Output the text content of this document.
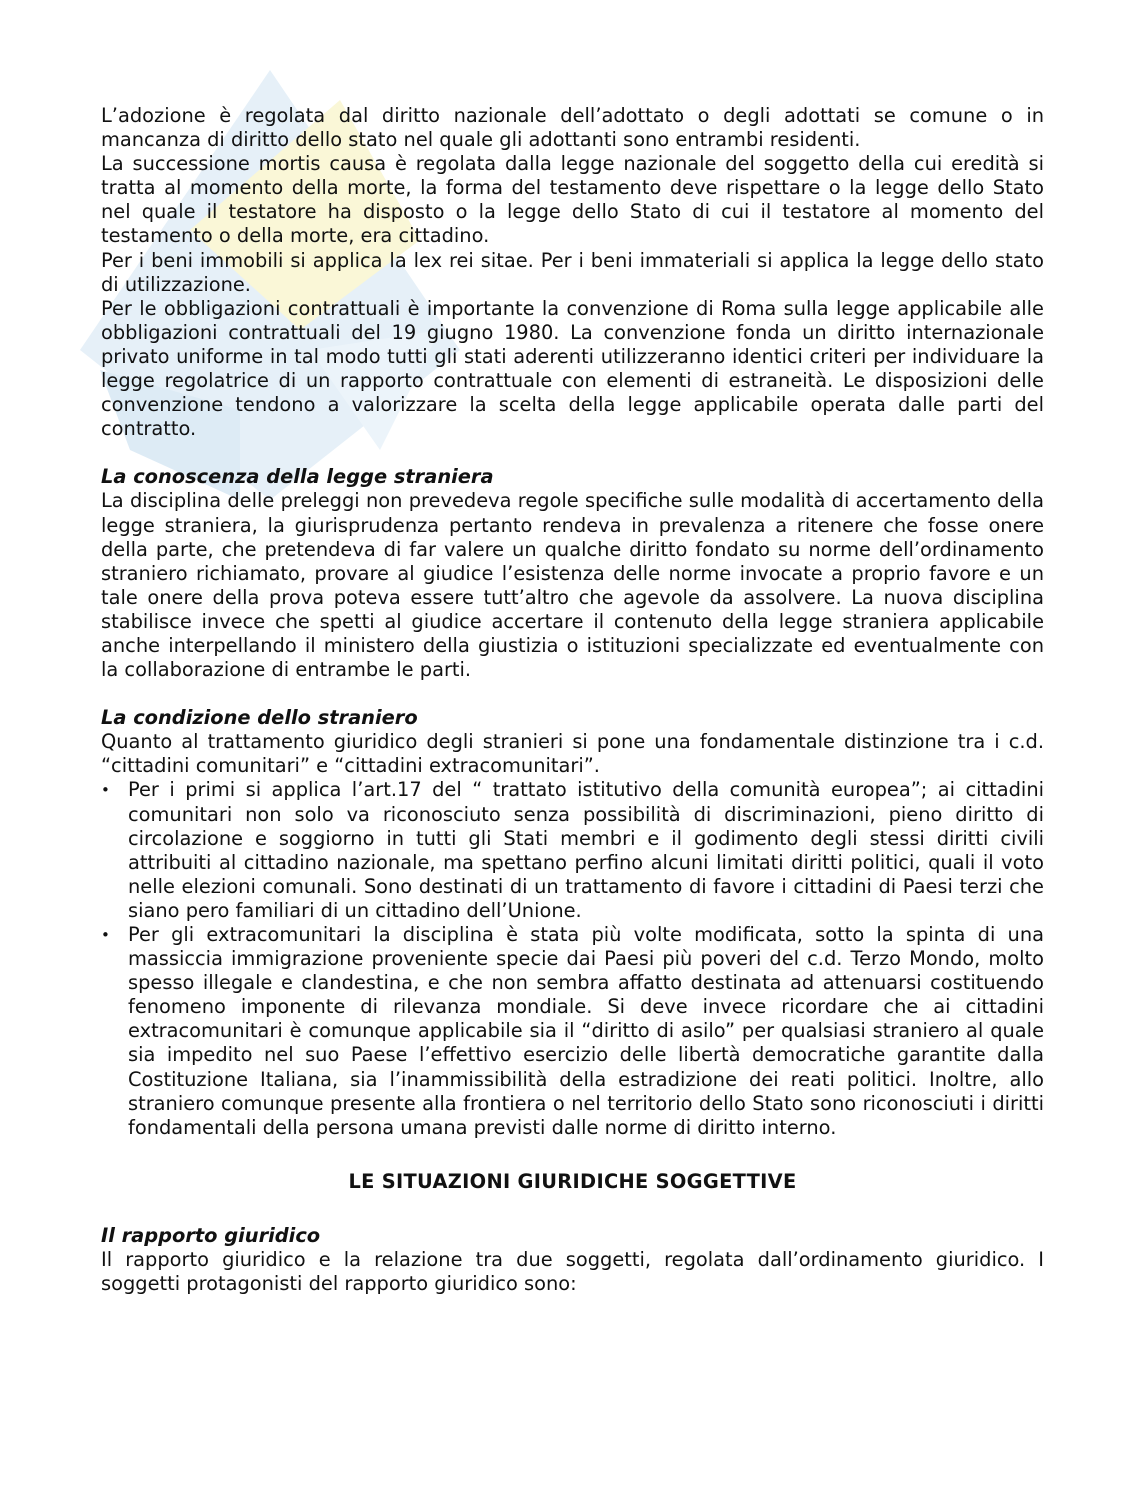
L’adozione è regolata dal diritto nazionale dell’adottato o degli adottati se comune o in mancanza di diritto dello stato nel quale gli adottanti sono entrambi residenti.

La successione mortis causa è regolata dalla legge nazionale del soggetto della cui eredità si tratta al momento della morte, la forma del testamento deve rispettare o la legge dello Stato nel quale il testatore ha disposto o la legge dello Stato di cui il testatore al momento del testamento o della morte, era cittadino.

Per i beni immobili si applica la lex rei sitae. Per i beni immateriali si applica la legge dello stato di utilizzazione.

Per le obbligazioni contrattuali è importante la convenzione di Roma sulla legge applicabile alle obbligazioni contrattuali del 19 giugno 1980. La convenzione fonda un diritto internazionale privato uniforme in tal modo tutti gli stati aderenti utilizzeranno identici criteri per individuare la legge regolatrice di un rapporto contrattuale con elementi di estraneità. Le disposizioni delle convenzione tendono a valorizzare la scelta della legge applicabile operata dalle parti del contratto.

La conoscenza della legge straniera

La disciplina delle preleggi non prevedeva regole specifiche sulle modalità di accertamento della legge straniera, la giurisprudenza pertanto rendeva in prevalenza a ritenere che fosse onere della parte, che pretendeva di far valere un qualche diritto fondato su norme dell’ordinamento straniero richiamato, provare al giudice l’esistenza delle norme invocate a proprio favore e un tale onere della prova poteva essere tutt’altro che agevole da assolvere. La nuova disciplina stabilisce invece che spetti al giudice accertare il contenuto della legge straniera applicabile anche interpellando il ministero della giustizia o istituzioni specializzate ed eventualmente con la collaborazione di entrambe le parti.

La condizione dello straniero

Quanto al trattamento giuridico degli stranieri si pone una fondamentale distinzione tra i c.d. “cittadini comunitari” e “cittadini extracomunitari”.

• Per i primi si applica l’art.17 del “ trattato istitutivo della comunità europea”; ai cittadini comunitari non solo va riconosciuto senza possibilità di discriminazioni, pieno diritto di circolazione e soggiorno in tutti gli Stati membri e il godimento degli stessi diritti civili attribuiti al cittadino nazionale, ma spettano perfino alcuni limitati diritti politici, quali il voto nelle elezioni comunali. Sono destinati di un trattamento di favore i cittadini di Paesi terzi che siano pero familiari di un cittadino dell’Unione.
• Per gli extracomunitari la disciplina è stata più volte modificata, sotto la spinta di una massiccia immigrazione proveniente specie dai Paesi più poveri del c.d. Terzo Mondo, molto spesso illegale e clandestina, e che non sembra affatto destinata ad attenuarsi costituendo fenomeno imponente di rilevanza mondiale. Si deve invece ricordare che ai cittadini extracomunitari è comunque applicabile sia il “diritto di asilo” per qualsiasi straniero al quale sia impedito nel suo Paese l’effettivo esercizio delle libertà democratiche garantite dalla Costituzione Italiana, sia l’inammissibilità della estradizione dei reati politici. Inoltre, allo straniero comunque presente alla frontiera o nel territorio dello Stato sono riconosciuti i diritti fondamentali della persona umana previsti dalle norme di diritto interno.
LE SITUAZIONI GIURIDICHE SOGGETTIVE
Il rapporto giuridico

Il rapporto giuridico e la relazione tra due soggetti, regolata dall’ordinamento giuridico. I soggetti protagonisti del rapporto giuridico sono:
